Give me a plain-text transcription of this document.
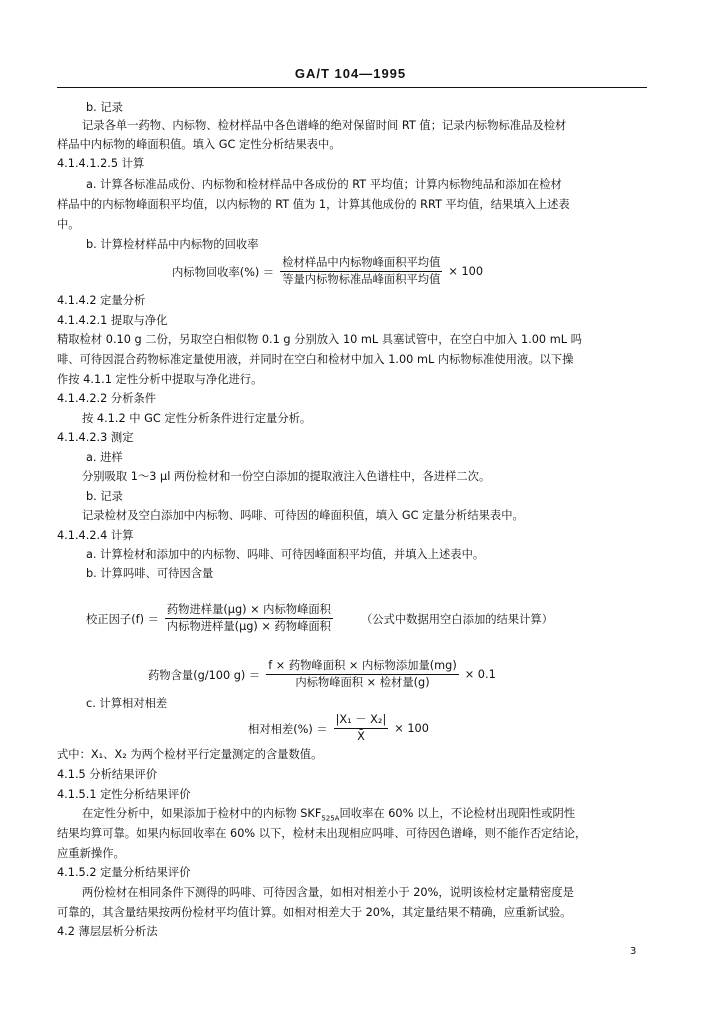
GA/T 104—1995
b. 记录
记录各单一药物、内标物、检材样品中各色谱峰的绝对保留时间 RT 值；记录内标物标准品及检材
样品中内标物的峰面积值。填入 GC 定性分析结果表中。
4.1.4.1.2.5 计算
a. 计算各标准品成份、内标物和检材样品中各成份的 RT 平均值；计算内标物纯品和添加在检材
样品中的内标物峰面积平均值，以内标物的 RT 值为 1，计算其他成份的 RRT 平均值，结果填入上述表
中。
b. 计算检材样品中内标物的回收率
内标物回收率(%) ＝ $\frac{\text{检材样品中内标物峰面积平均值}}{\text{等量内标物标准品峰面积平均值}} \times 100$
4.1.4.2 定量分析
4.1.4.2.1 提取与净化
精取检材 0.10 g 二份，另取空白相似物 0.1 g 分别放入 10 mL 具塞试管中，在空白中加入 1.00 mL 吗
啡、可待因混合药物标准定量使用液，并同时在空白和检材中加入 1.00 mL 内标物标准使用液。以下操
作按 4.1.1 定性分析中提取与净化进行。
4.1.4.2.2 分析条件
按 4.1.2 中 GC 定性分析条件进行定量分析。
4.1.4.2.3 测定
a. 进样
分别吸取 1～3 μl 两份检材和一份空白添加的提取液注入色谱柱中，各进样二次。
b. 记录
记录检材及空白添加中内标物、吗啡、可待因的峰面积值，填入 GC 定量分析结果表中。
4.1.4.2.4 计算
a. 计算检材和添加中的内标物、吗啡、可待因峰面积平均值，并填入上述表中。
b. 计算吗啡、可待因含量
校正因子$(f) = \frac{\text{药物进样量(μg) × 内标物峰面积}}{\text{内标物进样量(μg) × 药物峰面积}}$ （公式中数据用空白添加的结果计算）
药物含量(g/100 $g) = \frac{\text{f × 药物峰面积 × 内标物添加量(mg)}}{\text{内标物峰面积 × 检材量(g)}} \times 0.1$
c. 计算相对相差
相对相差(%) ＝ $\frac{\text{|X₁ － X₂|}}{X̄} \times 100$
式中：X₁、X₂ 为两个检材平行定量测定的含量数值。
4.1.5 分析结果评价
4.1.5.1 定性分析结果评价
在定性分析中，如果添加于检材中的内标物 $SKF_{525A}$回收率在 60% 以上，不论检材出现阳性或阴性
结果均算可靠。如果内标回收率在 60% 以下，检材未出现相应吗啡、可待因色谱峰，则不能作否定结论，
应重新操作。
4.1.5.2 定量分析结果评价
两份检材在相同条件下测得的吗啡、可待因含量，如相对相差小于 20%，说明该检材定量精密度是
可靠的，其含量结果按两份检材平均值计算。如相对相差大于 20%，其定量结果不精确，应重新试验。
4.2 薄层层析分析法
3
